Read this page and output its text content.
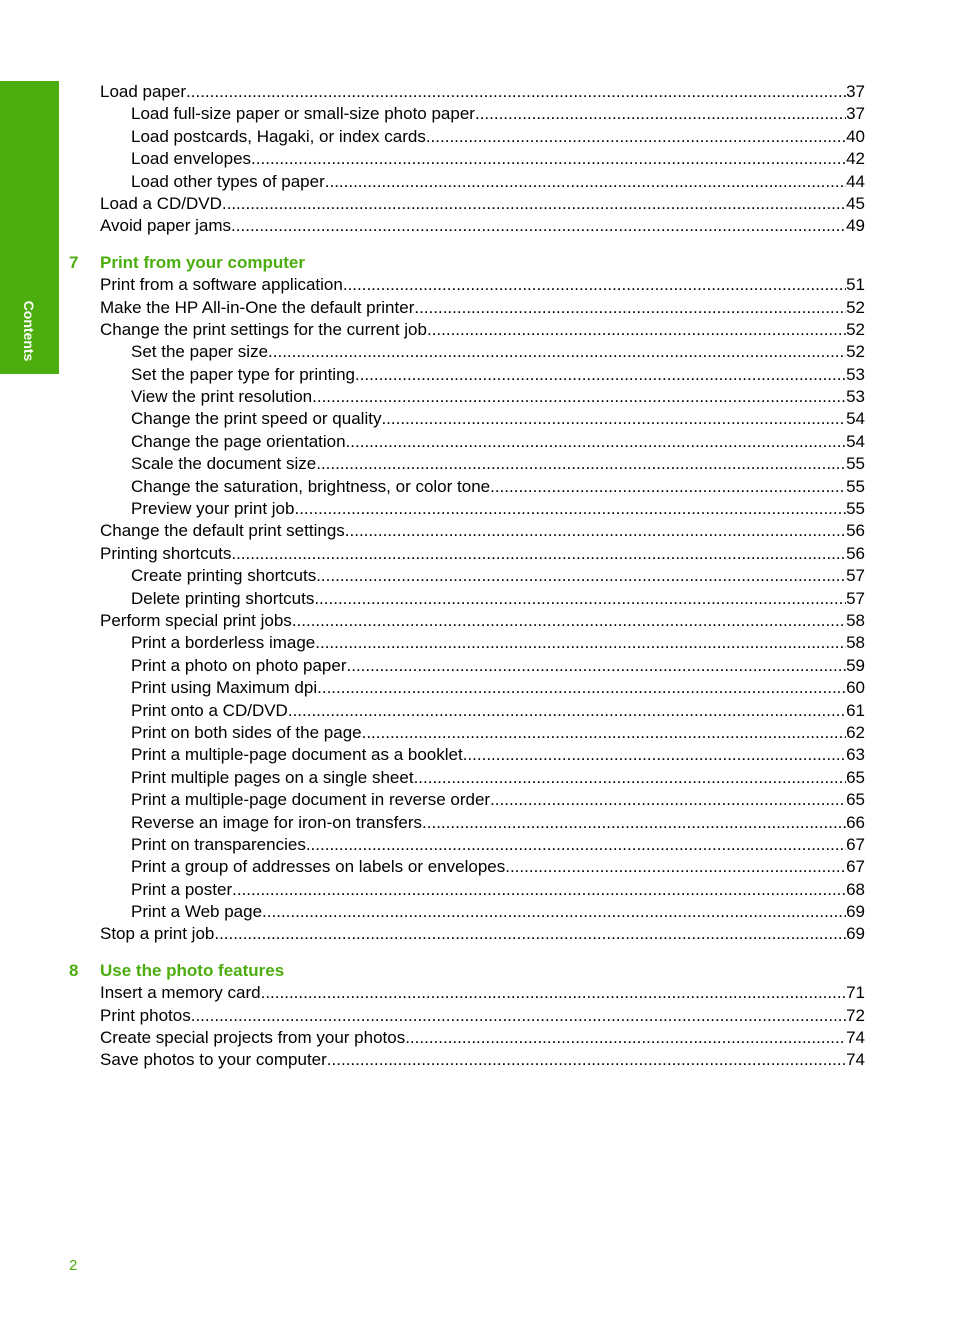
Contents
Load paper .....	37
Load full-size paper or small-size photo paper .....	37
Load postcards, Hagaki, or index cards .....	40
Load envelopes .....	42
Load other types of paper .....	44
Load a CD/DVD .....	45
Avoid paper jams .....	49
7 Print from your computer
Print from a software application .....	51
Make the HP All-in-One the default printer .....	52
Change the print settings for the current job .....	52
Set the paper size .....	52
Set the paper type for printing .....	53
View the print resolution .....	53
Change the print speed or quality .....	54
Change the page orientation .....	54
Scale the document size .....	55
Change the saturation, brightness, or color tone .....	55
Preview your print job .....	55
Change the default print settings .....	56
Printing shortcuts .....	56
Create printing shortcuts .....	57
Delete printing shortcuts .....	57
Perform special print jobs .....	58
Print a borderless image .....	58
Print a photo on photo paper .....	59
Print using Maximum dpi .....	60
Print onto a CD/DVD .....	61
Print on both sides of the page .....	62
Print a multiple-page document as a booklet .....	63
Print multiple pages on a single sheet .....	65
Print a multiple-page document in reverse order .....	65
Reverse an image for iron-on transfers .....	66
Print on transparencies .....	67
Print a group of addresses on labels or envelopes .....	67
Print a poster .....	68
Print a Web page .....	69
Stop a print job .....	69
8 Use the photo features
Insert a memory card .....	71
Print photos .....	72
Create special projects from your photos .....	74
Save photos to your computer .....	74
2
